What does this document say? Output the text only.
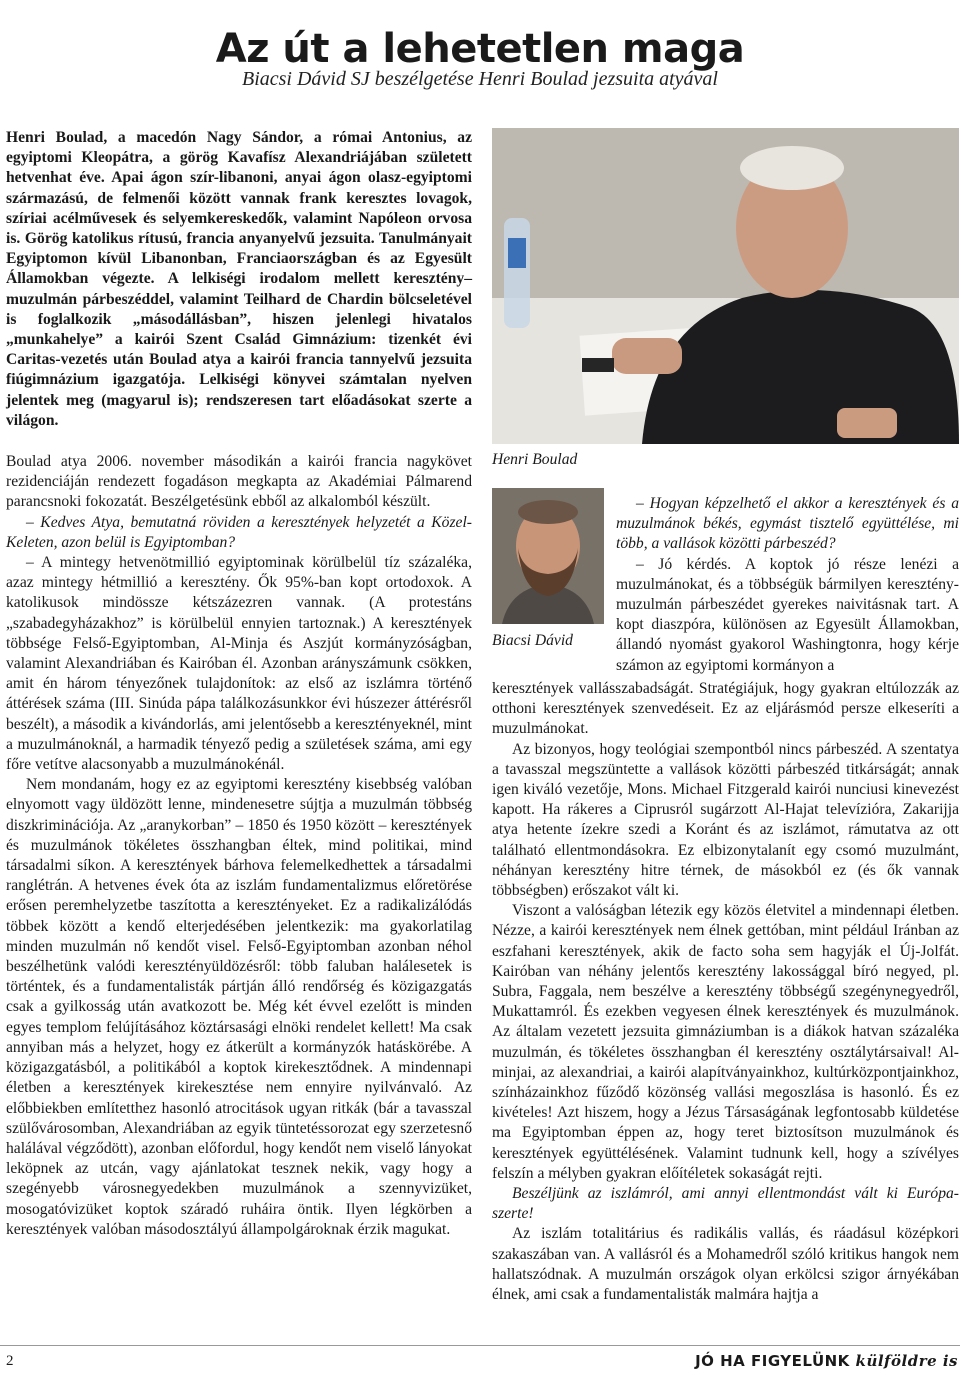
Az út a lehetetlen maga
Biacsi Dávid SJ beszélgetése Henri Boulad jezsuita atyával

Henri Boulad, a macedón Nagy Sándor, a római Antonius, az egyiptomi Kleopátra, a görög Kavafísz Alexandriájában született hetvenhat éve. Apai ágon szír-libanoni, anyai ágon olasz-egyiptomi származású, de felmenői között vannak frank keresztes lovagok, szíriai acélművesek és selyemkereskedők, valamint Napóleon orvosa is. Görög katolikus rítusú, francia anyanyelvű jezsuita. Tanulmányait Egyiptomon kívül Libanonban, Franciaországban és az Egyesült Államokban végezte. A lelkiségi irodalom mellett keresztény–muzulmán párbeszéddel, valamint Teilhard de Chardin bölcseletével is foglalkozik „másodállásban”, hiszen jelenlegi hivatalos „munkahelye” a kairói Szent Család Gimnázium: tizenkét évi Caritas-vezetés után Boulad atya a kairói francia tannyelvű jezsuita fiúgimnázium igazgatója. Lelkiségi könyvei számtalan nyelven jelentek meg (magyarul is); rendszeresen tart előadásokat szerte a világon.

Boulad atya 2006. november másodikán a kairói francia nagykövet rezidenciáján rendezett fogadáson megkapta az Akadémiai Pálmarend parancsnoki fokozatát. Beszélgetésünk ebből az alkalomból készült.

– Kedves Atya, bemutatná röviden a keresztények helyzetét a Közel-Keleten, azon belül is Egyiptomban?

– A mintegy hetvenötmillió egyiptominak körülbelül tíz százaléka, azaz mintegy hétmillió a keresztény. Ők 95%-ban kopt ortodoxok. A katolikusok mindössze kétszázezren vannak. (A protestáns „szabadegyházakhoz” is körülbelül ennyien tartoznak.) A keresztények többsége Felső-Egyiptomban, Al-Minja és Aszjút kormányzóságban, valamint Alexandriában és Kairóban él. Azonban arányszámunk csökken, amit én három tényezőnek tulajdonítok: az első az iszlámra történő áttérések száma (III. Sinúda pápa találkozásunkkor évi húszezer áttérésről beszélt), a második a kivándorlás, ami jelentősebb a keresztényeknél, mint a muzulmánoknál, a harmadik tényező pedig a születések száma, ami egy főre vetítve alacsonyabb a muzulmánokénál.

Nem mondanám, hogy ez az egyiptomi keresztény kisebbség valóban elnyomott vagy üldözött lenne, mindenesetre sújtja a muzulmán többség diszkriminációja. Az „aranykorban” – 1850 és 1950 között – keresztények és muzulmánok tökéletes összhangban éltek, mind politikai, mind társadalmi síkon. A keresztények bárhova felemelkedhettek a társadalmi ranglétrán. A hetvenes évek óta az iszlám fundamentalizmus előretörése erősen peremhelyzetbe taszította a keresztényeket. Ez a radikalizálódás többek között a kendő elterjedésében jelentkezik: ma gyakorlatilag minden muzulmán nő kendőt visel. Felső-Egyiptomban azonban néhol beszélhetünk valódi keresztényüldözésről: több faluban halálesetek is történtek, és a fundamentalisták pártján álló rendőrség és közigazgatás csak a gyilkosság után avatkozott be. Még két évvel ezelőtt is minden egyes templom felújításához köztársasági elnöki rendelet kellett! Ma csak annyiban más a helyzet, hogy ez átkerült a kormányzók hatáskörébe. A közigazgatásból, a politikából a koptok kirekesztődnek. A mindennapi életben a keresztények kirekesztése nem ennyire nyilvánvaló. Az előbbiekben említetthez hasonló atrocitások ugyan ritkák (bár a tavasszal szülővárosomban, Alexandriában az egyik tüntetéssorozat egy szerzetesnő halálával végződött), azonban előfordul, hogy kendőt nem viselő lányokat leköpnek az utcán, vagy ajánlatokat tesznek nekik, vagy hogy a szegényebb városnegyedekben muzulmánok a szennyvizüket, mosogatóvizüket koptok száradó ruháira öntik. Ilyen légkörben a keresztények valóban másodosztályú állampolgároknak érzik magukat.

Henri Boulad
Biacsi Dávid

– Hogyan képzelhető el akkor a keresztények és a muzulmánok békés, egymást tisztelő együttélése, mi több, a vallások közötti párbeszéd?

– Jó kérdés. A koptok jó része lenézi a muzulmánokat, és a többségük bármilyen keresztény-muzulmán párbeszédet gyerekes naivitásnak tart. A kopt diaszpóra, különösen az Egyesült Államokban, állandó nyomást gyakorol Washingtonra, hogy kérje számon az egyiptomi kormányon a

keresztények vallásszabadságát. Stratégiájuk, hogy gyakran eltúlozzák az otthoni keresztények szenvedéseit. Ez az eljárásmód persze elkeseríti a muzulmánokat.

Az bizonyos, hogy teológiai szempontból nincs párbeszéd. A szentatya a tavasszal megszüntette a vallások közötti párbeszéd titkárságát; annak igen kiváló vezetője, Mons. Michael Fitzgerald kairói nunciusi kinevezést kapott. Ha rákeres a Ciprusról sugárzott Al-Hajat televízióra, Zakarijja atya hetente ízekre szedi a Koránt és az iszlámot, rámutatva az ott található ellentmondásokra. Ez elbizonytalanít egy csomó muzulmánt, néhányan keresztény hitre térnek, de másokból ez (és ők vannak többségben) erőszakot vált ki.

Viszont a valóságban létezik egy közös életvitel a mindennapi életben. Nézze, a kairói keresztények nem élnek gettóban, mint például Iránban az eszfahani keresztények, akik de facto soha sem hagyják el Új-Jolfát. Kairóban van néhány jelentős keresztény lakossággal bíró negyed, pl. Subra, Faggala, nem beszélve a keresztény többségű szegénynegyedről, Mukattamról. És ezekben vegyesen élnek keresztények és muzulmánok. Az általam vezetett jezsuita gimnáziumban is a diákok hatvan százaléka muzulmán, és tökéletes összhangban él keresztény osztálytársaival! Al-minjai, az alexandriai, a kairói alapítványainkhoz, kultúrközpontjainkhoz, színházainkhoz fűződő közönség vallási megoszlása is hasonló. És ez kivételes! Azt hiszem, hogy a Jézus Társaságának legfontosabb küldetése ma Egyiptomban éppen az, hogy teret biztosítson muzulmánok és keresztények együttélésének. Valamint tudnunk kell, hogy a szívélyes felszín a mélyben gyakran előítéletek sokaságát rejti.

Beszéljünk az iszlámról, ami annyi ellentmondást vált ki Európa-szerte!

Az iszlám totalitárius és radikális vallás, és ráadásul középkori szakaszában van. A vallásról és a Mohamedről szóló kritikus hangok nem hallatszódnak. A muzulmán országok olyan erkölcsi szigor árnyékában élnek, ami csak a fundamentalisták malmára hajtja a

2	JÓ HA FIGYELÜNK külföldre is
